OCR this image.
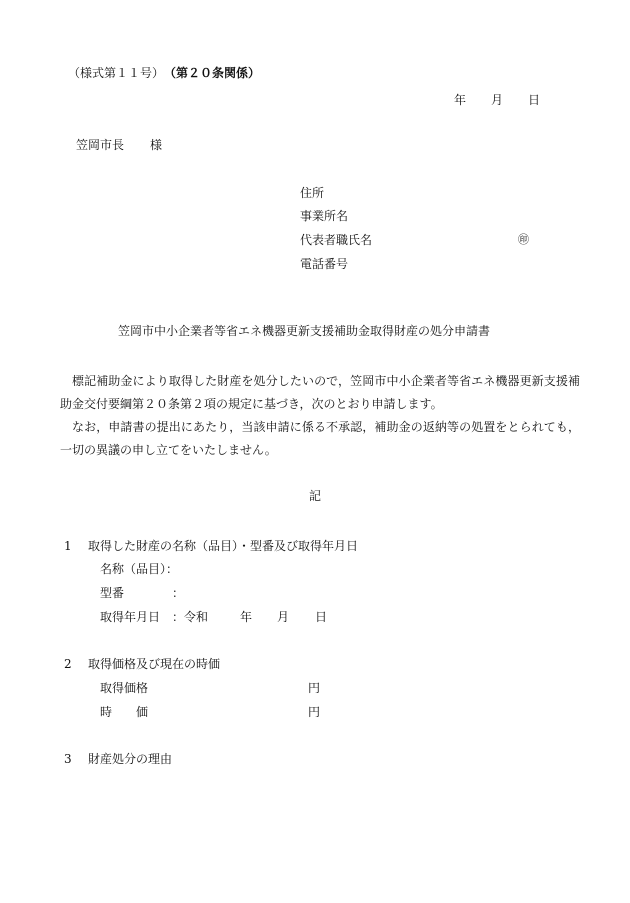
（様式第１１号） （第２０条関係）
年 月 日
笠岡市長 様
住所
事業所名
代表者職氏名	㊞
電話番号
笠岡市中小企業者等省エネ機器更新支援補助金取得財産の処分申請書
標記補助金により取得した財産を処分したいので，笠岡市中小企業者等省エネ機器更新支援補助金交付要綱第２０条第２項の規定に基づき，次のとおり申請します。
なお，申請書の提出にあたり，当該申請に係る不承認，補助金の返納等の処置をとられても，一切の異議の申し立てをいたしません。
記
1 取得した財産の名称（品目）・型番及び取得年月日
名称（品目）：
型番	：
取得年月日 ：令和	年 月 日
2 取得価格及び現在の時価
取得価格	円
時 価	円
3 財産処分の理由
